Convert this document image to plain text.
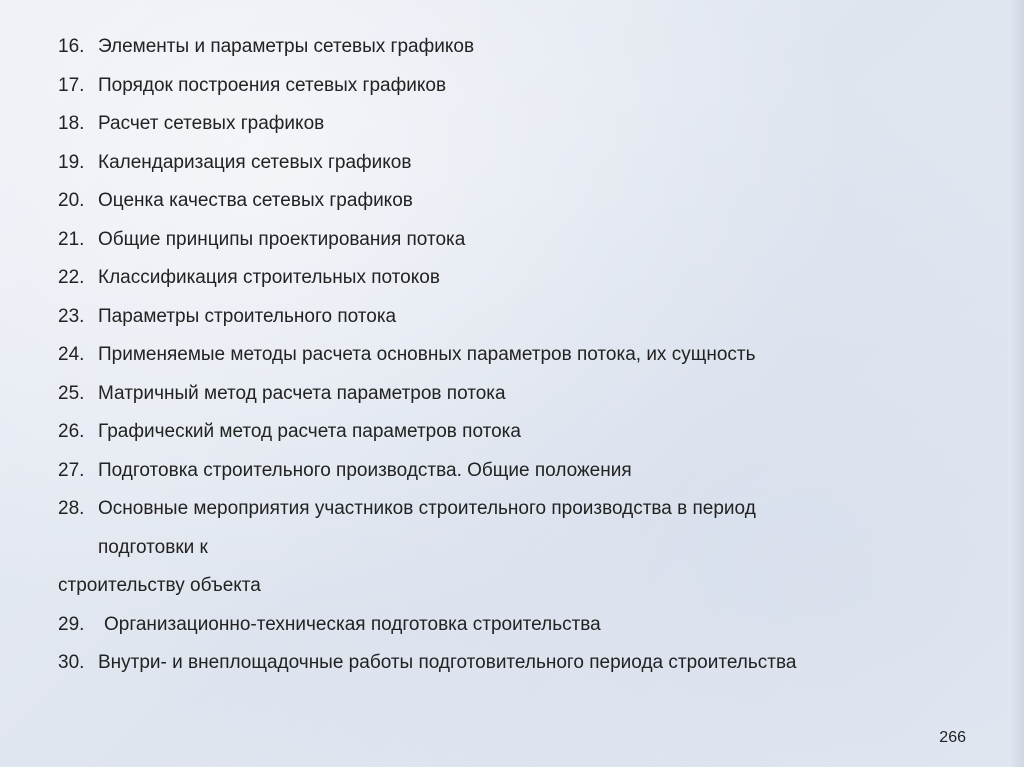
16. Элементы и параметры сетевых графиков
17. Порядок построения сетевых графиков
18. Расчет сетевых графиков
19. Календаризация сетевых графиков
20. Оценка качества сетевых графиков
21. Общие принципы проектирования потока
22. Классификация строительных потоков
23. Параметры строительного потока
24. Применяемые методы расчета основных параметров потока, их сущность
25. Матричный метод расчета параметров потока
26. Графический метод расчета параметров потока
27. Подготовка строительного производства. Общие положения
28. Основные мероприятия участников строительного производства в период
подготовки к
строительству объекта
29.	Организационно-техническая подготовка строительства
30. Внутри- и внеплощадочные работы подготовительного периода строительства
266
